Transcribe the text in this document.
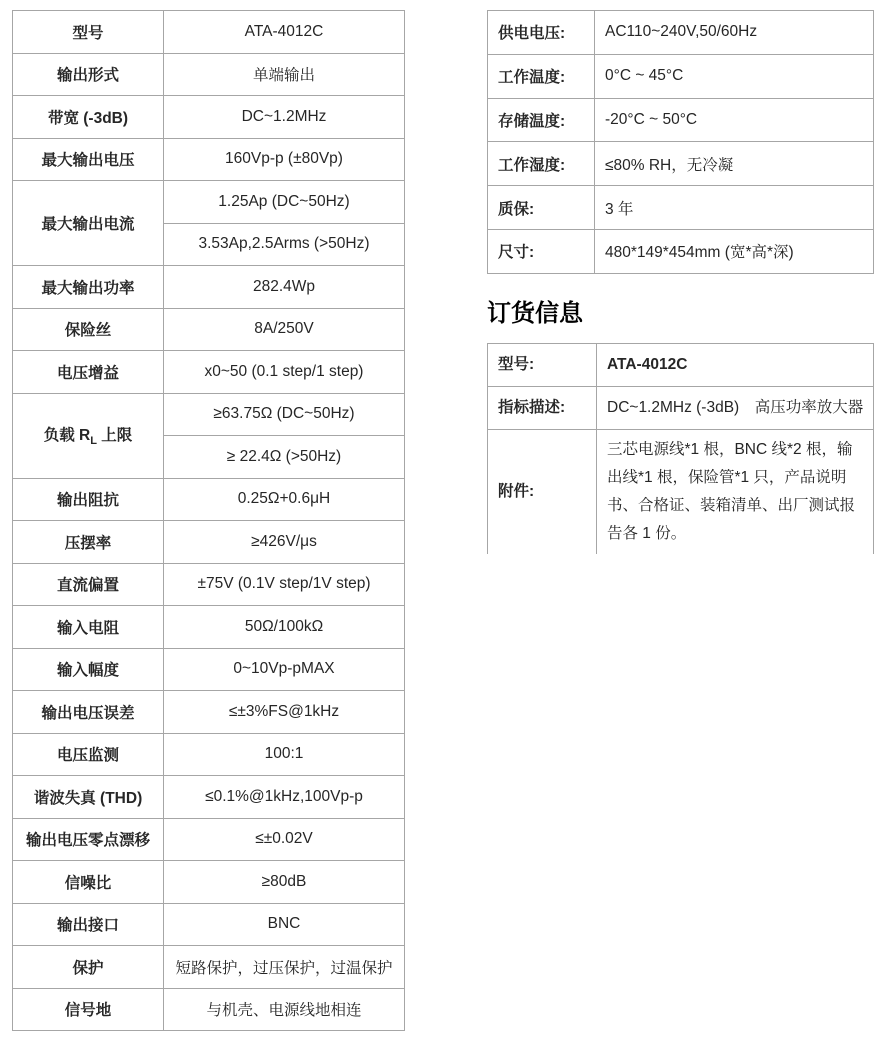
型号	ATA-4012C
输出形式	单端输出
带宽 (-3dB)	DC~1.2MHz
最大输出电压	160Vp-p (±80Vp)
最大输出电流	1.25Ap (DC~50Hz)
	3.53Ap,2.5Arms (>50Hz)
最大输出功率	282.4Wp
保险丝	8A/250V
电压增益	x0~50 (0.1 step/1 step)
负载 $R_L$ 上限	≥63.75Ω (DC~50Hz)
	≥ 22.4Ω (>50Hz)
输出阻抗	0.25Ω+0.6μH
压摆率	≥426V/μs
直流偏置	±75V (0.1V step/1V step)
输入电阻	50Ω/100kΩ
输入幅度	0~10Vp-pMAX
输出电压误差	≤±3%FS@1kHz
电压监测	100:1
谐波失真 (THD)	≤0.1%@1kHz,100Vp-p
输出电压零点漂移	≤±0.02V
信噪比	≥80dB
输出接口	BNC
保护	短路保护，过压保护，过温保护
信号地	与机壳、电源线地相连
供电电压:	AC110~240V,50/60Hz
工作温度:	0°C ~ 45°C
存储温度:	-20°C ~ 50°C
工作湿度:	≤80% RH，无冷凝
质保:	3 年
尺寸:	480*149*454mm (宽*高*深)
订货信息
型号:	ATA-4012C
指标描述:	DC~1.2MHz (-3dB)　高压功率放大器
附件:	三芯电源线*1 根，BNC 线*2 根，输出线*1 根，保险管*1 只，产品说明书、合格证、装箱清单、出厂测试报告各 1 份。
